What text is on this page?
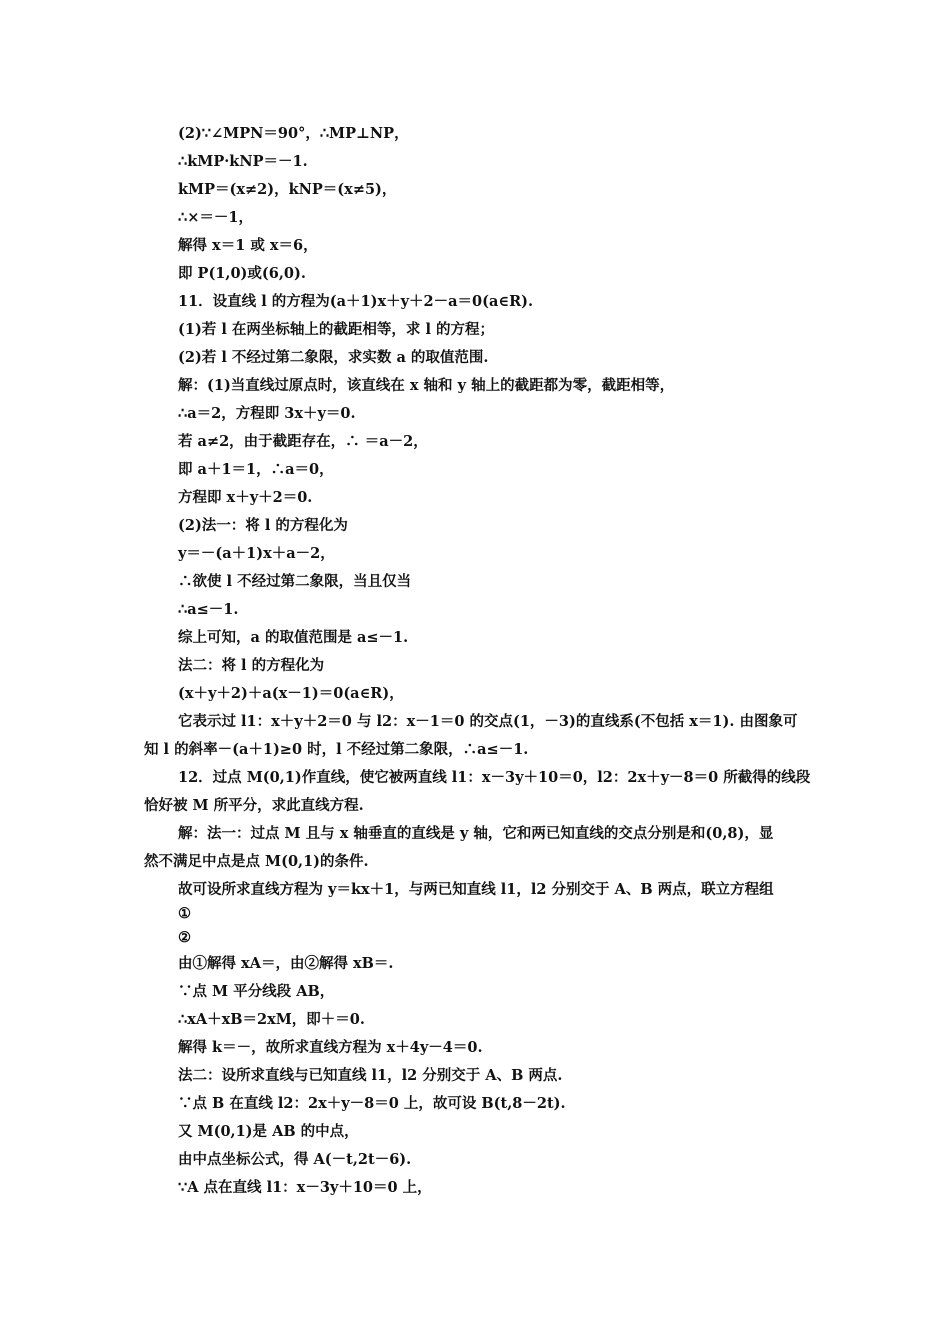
(2)∵∠MPN＝90°，∴MP⊥NP，
∴kMP·kNP＝－1.
kMP＝(x≠2)，kNP＝(x≠5)，
∴×＝－1，
解得 x＝1 或 x＝6，
即 P(1,0)或(6,0).
11．设直线 l 的方程为(a＋1)x＋y＋2－a＝0(a∈R).
(1)若 l 在两坐标轴上的截距相等，求 l 的方程；
(2)若 l 不经过第二象限，求实数 a 的取值范围.
解：(1)当直线过原点时，该直线在 x 轴和 y 轴上的截距都为零，截距相等，
∴a＝2，方程即 3x＋y＝0.
若 a≠2，由于截距存在，∴ ＝a－2，
即 a＋1＝1，∴a＝0，
方程即 x＋y＋2＝0.
(2)法一：将 l 的方程化为
y＝－(a＋1)x＋a－2，
∴欲使 l 不经过第二象限，当且仅当
∴a≤－1.
综上可知，a 的取值范围是 a≤－1.
法二：将 l 的方程化为
(x＋y＋2)＋a(x－1)＝0(a∈R)，
它表示过 l1：x＋y＋2＝0 与 l2：x－1＝0 的交点(1，－3)的直线系(不包括 x＝1). 由图象可
知 l 的斜率－(a＋1)≥0 时，l 不经过第二象限，∴a≤－1.
12．过点 M(0,1)作直线，使它被两直线 l1：x－3y＋10＝0，l2：2x＋y－8＝0 所截得的线段
恰好被 M 所平分，求此直线方程.
解：法一：过点 M 且与 x 轴垂直的直线是 y 轴，它和两已知直线的交点分别是和(0,8)，显
然不满足中点是点 M(0,1)的条件.
故可设所求直线方程为 y＝kx＋1，与两已知直线 l1，l2 分别交于 A、B 两点，联立方程组
①
②
由①解得 xA＝，由②解得 xB＝.
∵点 M 平分线段 AB，
∴xA＋xB＝2xM，即＋＝0.
解得 k＝－，故所求直线方程为 x＋4y－4＝0.
法二：设所求直线与已知直线 l1，l2 分别交于 A、B 两点.
∵点 B 在直线 l2：2x＋y－8＝0 上，故可设 B(t,8－2t).
又 M(0,1)是 AB 的中点，
由中点坐标公式，得 A(－t,2t－6).
∵A 点在直线 l1：x－3y＋10＝0 上，
